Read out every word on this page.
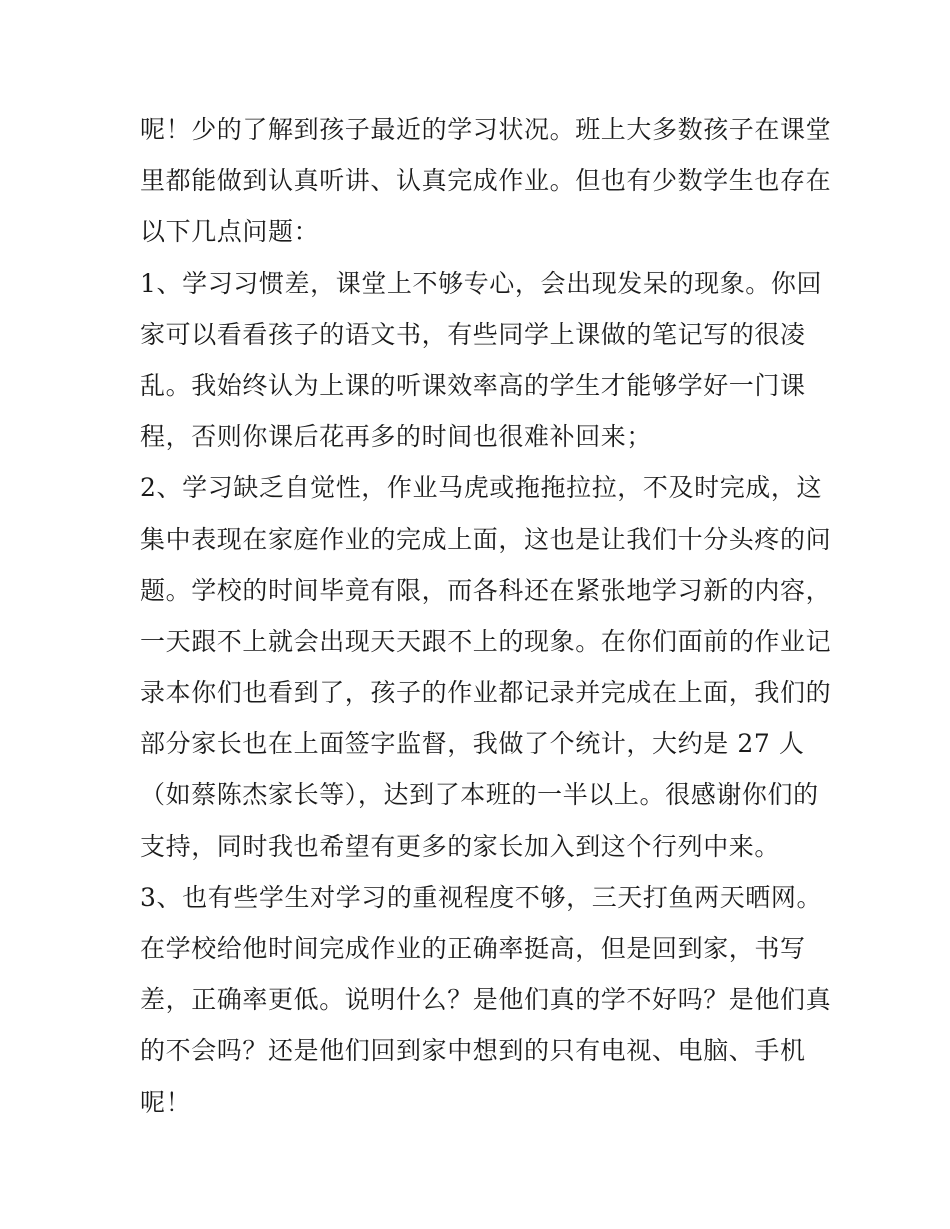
呢！少的了解到孩子最近的学习状况。班上大多数孩子在课堂
里都能做到认真听讲、认真完成作业。但也有少数学生也存在
以下几点问题：
1、学习习惯差，课堂上不够专心，会出现发呆的现象。你回
家可以看看孩子的语文书，有些同学上课做的笔记写的很凌
乱。我始终认为上课的听课效率高的学生才能够学好一门课
程，否则你课后花再多的时间也很难补回来；
2、学习缺乏自觉性，作业马虎或拖拖拉拉，不及时完成，这
集中表现在家庭作业的完成上面，这也是让我们十分头疼的问
题。学校的时间毕竟有限，而各科还在紧张地学习新的内容，
一天跟不上就会出现天天跟不上的现象。在你们面前的作业记
录本你们也看到了，孩子的作业都记录并完成在上面，我们的
部分家长也在上面签字监督，我做了个统计，大约是 27 人
（如蔡陈杰家长等），达到了本班的一半以上。很感谢你们的
支持，同时我也希望有更多的家长加入到这个行列中来。
3、也有些学生对学习的重视程度不够，三天打鱼两天晒网。
在学校给他时间完成作业的正确率挺高，但是回到家，书写
差，正确率更低。说明什么？是他们真的学不好吗？是他们真
的不会吗？还是他们回到家中想到的只有电视、电脑、手机
呢！
